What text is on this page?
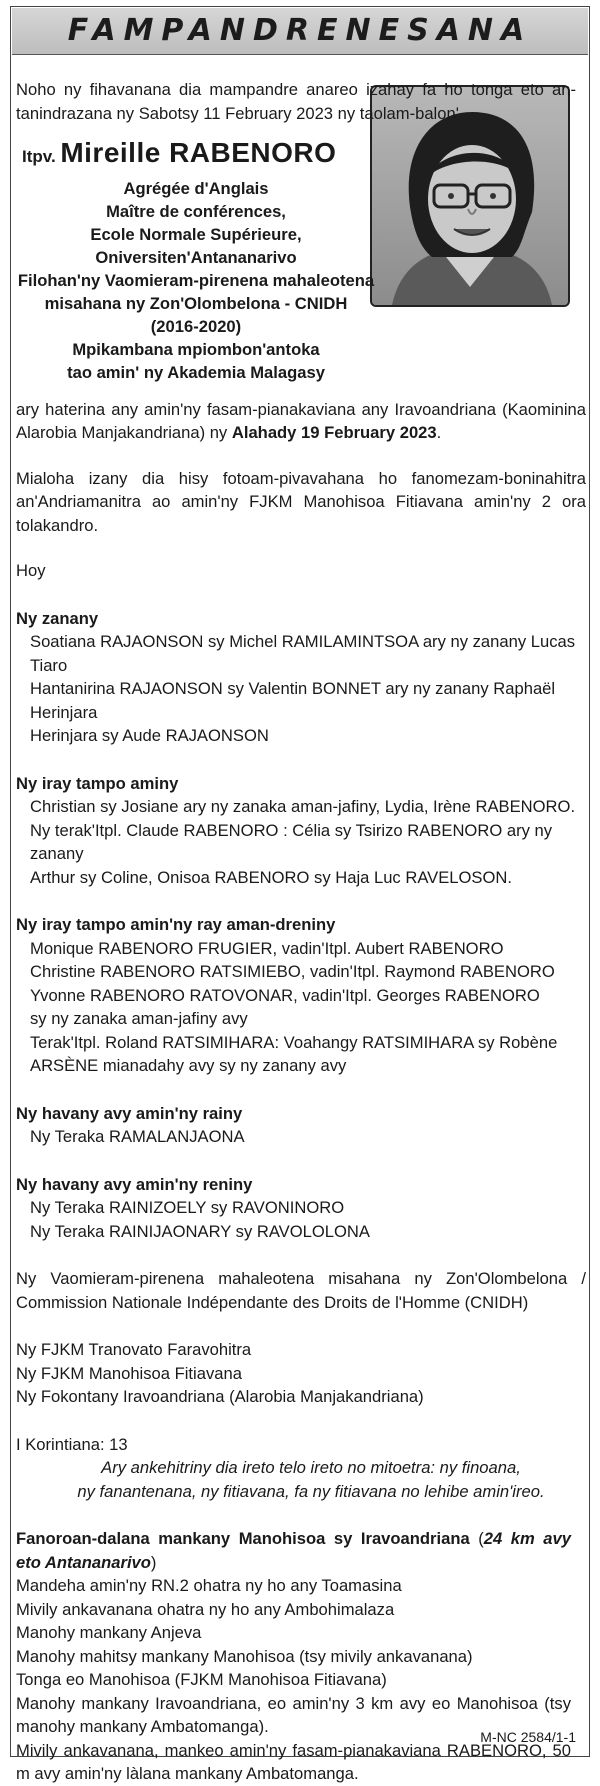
FAMPANDRENESANA

Noho ny fihavanana dia mampandre anareo izahay fa ho tonga eto an-tanindrazana ny Sabotsy 11 February 2023 ny taolam-balon'

Itpv. Mireille RABENORO
Agrégée d'Anglais
Maître de conférences,
Ecole Normale Supérieure,
Oniversiten'Antananarivo
Filohan'ny Vaomieram-pirenena mahaleotena
misahana ny Zon'Olombelona - CNIDH
(2016-2020)
Mpikambana mpiombon'antoka
tao amin' ny Akademia Malagasy

ary haterina any amin'ny fasam-pianakaviana any Iravoandriana (Kaominina Alarobia Manjakandriana) ny Alahady 19 February 2023.

Mialoha izany dia hisy fotoam-pivavahana ho fanomezam-boninahitra an'Andriamanitra ao amin'ny FJKM Manohisoa Fitiavana amin'ny 2 ora tolakandro.

Hoy

Ny zanany

Soatiana RAJAONSON sy Michel RAMILAMINTSOA ary ny zanany Lucas Tiaro

Hantanirina RAJAONSON sy Valentin BONNET ary ny zanany Raphaël Herinjara

Herinjara sy Aude RAJAONSON

Ny iray tampo aminy

Christian sy Josiane ary ny zanaka aman-jafiny, Lydia, Irène RABENORO.

Ny terak'Itpl. Claude RABENORO : Célia sy Tsirizo RABENORO ary ny zanany

Arthur sy Coline, Onisoa RABENORO sy Haja Luc RAVELOSON.

Ny iray tampo amin'ny ray aman-dreniny

Monique RABENORO FRUGIER, vadin'Itpl. Aubert RABENORO

Christine RABENORO RATSIMIEBO, vadin'Itpl. Raymond RABENORO

Yvonne RABENORO RATOVONAR, vadin'Itpl. Georges RABENORO

sy ny zanaka aman-jafiny avy

Terak'Itpl. Roland RATSIMIHARA: Voahangy RATSIMIHARA sy Robène

ARSÈNE mianadahy avy sy ny zanany avy

Ny havany avy amin'ny rainy

Ny Teraka RAMALANJAONA

Ny havany avy amin'ny reniny

Ny Teraka RAINIZOELY sy RAVONINORO

Ny Teraka RAINIJAONARY sy RAVOLOLONA

Ny Vaomieram-pirenena mahaleotena misahana ny Zon'Olombelona / Commission Nationale Indépendante des Droits de l'Homme (CNIDH)

Ny FJKM Tranovato Faravohitra

Ny FJKM Manohisoa Fitiavana

Ny Fokontany Iravoandriana (Alarobia Manjakandriana)

I Korintiana: 13

Ary ankehitriny dia ireto telo ireto no mitoetra: ny finoana,

ny fanantenana, ny fitiavana, fa ny fitiavana no lehibe amin'ireo.

Fanoroan-dalana mankany Manohisoa sy Iravoandriana (24 km avy eto Antananarivo)

Mandeha amin'ny RN.2 ohatra ny ho any Toamasina

Mivily ankavanana ohatra ny ho any Ambohimalaza

Manohy mankany Anjeva

Manohy mahitsy mankany Manohisoa (tsy mivily ankavanana)

Tonga eo Manohisoa (FJKM Manohisoa Fitiavana)

Manohy mankany Iravoandriana, eo amin'ny 3 km avy eo Manohisoa (tsy manohy mankany Ambatomanga).

Mivily ankavanana, mankeo amin'ny fasam-pianakaviana RABENORO, 50 m avy amin'ny làlana mankany Ambatomanga.

M-NC 2584/1-1
